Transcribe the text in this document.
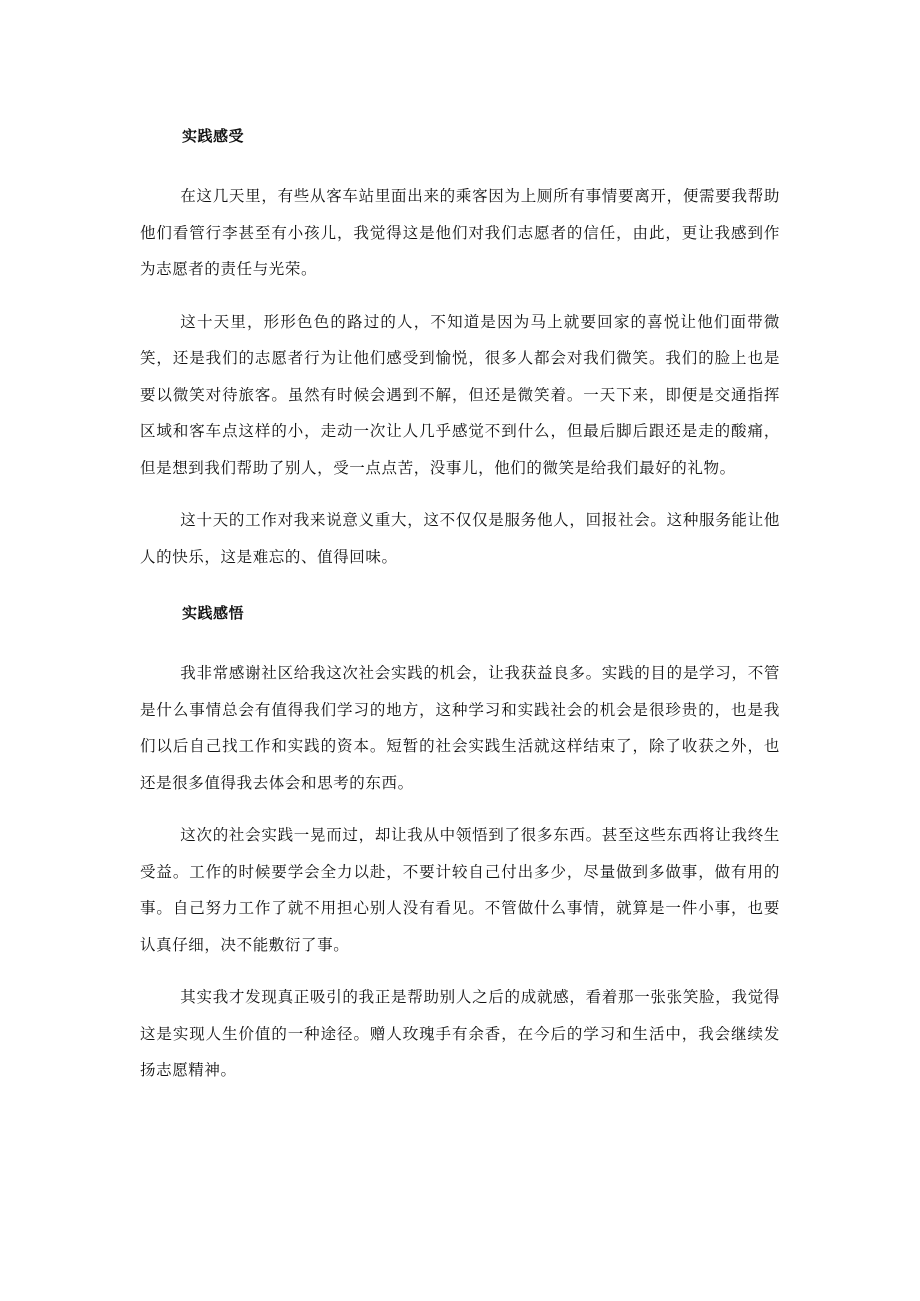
实践感受

在这几天里，有些从客车站里面出来的乘客因为上厕所有事情要离开，便需要我帮助他们看管行李甚至有小孩儿，我觉得这是他们对我们志愿者的信任，由此，更让我感到作为志愿者的责任与光荣。

这十天里，形形色色的路过的人，不知道是因为马上就要回家的喜悦让他们面带微笑，还是我们的志愿者行为让他们感受到愉悦，很多人都会对我们微笑。我们的脸上也是要以微笑对待旅客。虽然有时候会遇到不解，但还是微笑着。一天下来，即便是交通指挥区域和客车点这样的小，走动一次让人几乎感觉不到什么，但最后脚后跟还是走的酸痛，但是想到我们帮助了别人，受一点点苦，没事儿，他们的微笑是给我们最好的礼物。

这十天的工作对我来说意义重大，这不仅仅是服务他人，回报社会。这种服务能让他人的快乐，这是难忘的、值得回味。

实践感悟

我非常感谢社区给我这次社会实践的机会，让我获益良多。实践的目的是学习，不管是什么事情总会有值得我们学习的地方，这种学习和实践社会的机会是很珍贵的，也是我们以后自己找工作和实践的资本。短暂的社会实践生活就这样结束了，除了收获之外，也还是很多值得我去体会和思考的东西。

这次的社会实践一晃而过，却让我从中领悟到了很多东西。甚至这些东西将让我终生受益。工作的时候要学会全力以赴，不要计较自己付出多少，尽量做到多做事，做有用的事。自己努力工作了就不用担心别人没有看见。不管做什么事情，就算是一件小事，也要认真仔细，决不能敷衍了事。

其实我才发现真正吸引的我正是帮助别人之后的成就感，看着那一张张笑脸，我觉得这是实现人生价值的一种途径。赠人玫瑰手有余香，在今后的学习和生活中，我会继续发扬志愿精神。
